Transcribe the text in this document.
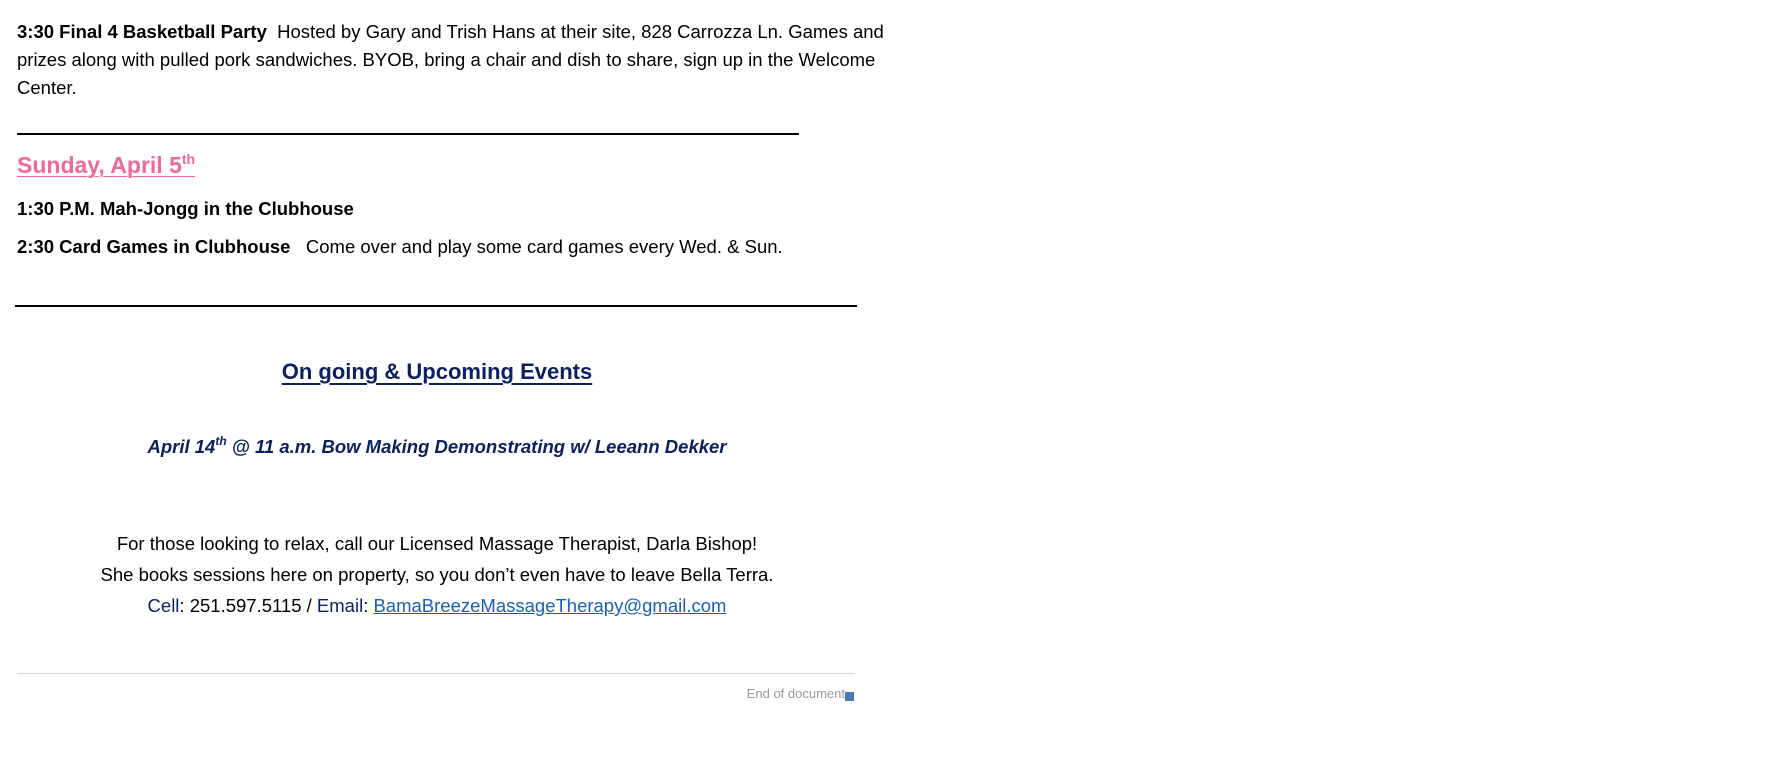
3:30 Final 4 Basketball Party Hosted by Gary and Trish Hans at their site, 828 Carrozza Ln. Games and
prizes along with pulled pork sandwiches. BYOB, bring a chair and dish to share, sign up in the Welcome
Center.
Sunday, April 5th
1:30 P.M. Mah-Jongg in the Clubhouse
2:30 Card Games in Clubhouse Come over and play some card games every Wed. & Sun.
On going & Upcoming Events
April 14th @ 11 a.m. Bow Making Demonstrating w/ Leeann Dekker
For those looking to relax, call our Licensed Massage Therapist, Darla Bishop!
She books sessions here on property, so you don’t even have to leave Bella Terra.
Cell: 251.597.5115 / Email: BamaBreezeMassageTherapy@gmail.com
End of document
